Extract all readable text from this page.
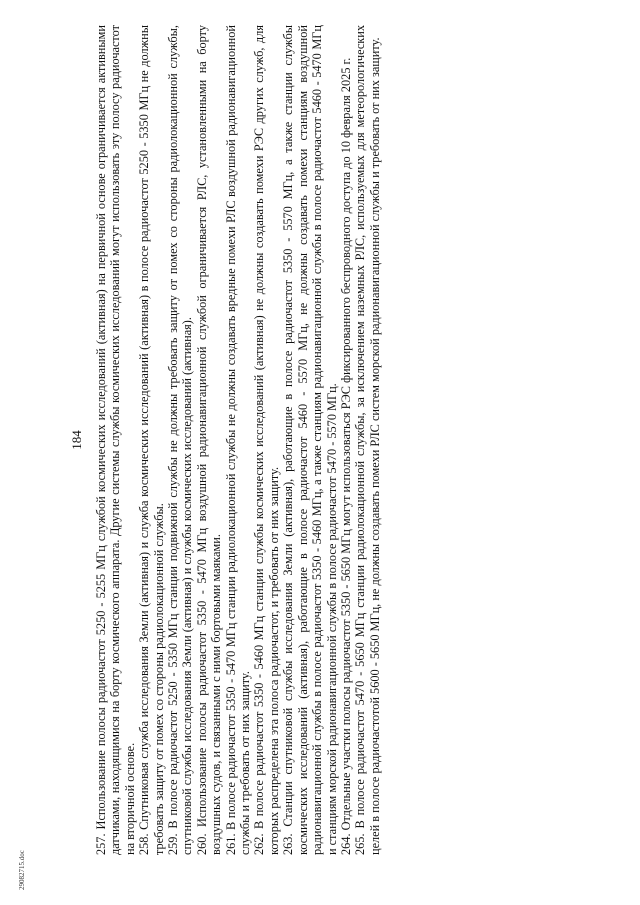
184 257. Использование полосы радиочастот 5250 - 5255 МГц службой космических исследований (активная) на первичной основе ограничивается активными датчиками, находящимися на борту космического аппарата. Другие системы службы космических исследований могут использовать эту полосу радиочастот на вторичной основе. 258. Спутниковая служба исследования Земли (активная) и служба космических исследований (активная) в полосе радиочастот 5250 - 5350 МГц не должны требовать защиту от помех со стороны радиолокационной службы. 259. В полосе радиочастот 5250 - 5350 МГц станции подвижной службы не должны требовать защиту от помех со стороны радиолокационной службы, спутниковой службы исследования Земли (активная) и службы космических исследований (активная). 260. Использование полосы радиочастот 5350 - 5470 МГц воздушной радионавигационной службой ограничивается РЛС, установленными на борту воздушных судов, и связанными с ними бортовыми маяками. 261. В полосе радиочастот 5350 - 5470 МГц станции радиолокационной службы не должны создавать вредные помехи РЛС воздушной радионавигационной службы и требовать от них защиту. 262. В полосе радиочастот 5350 - 5460 МГц станции службы космических исследований (активная) не должны создавать помехи РЭС других служб, для которых распределена эта полоса радиочастот, и требовать от них защиту. 263. Станции спутниковой службы исследования Земли (активная), работающие в полосе радиочастот 5350 - 5570 МГц, а также станции службы космических исследований (активная), работающие в полосе радиочастот 5460 - 5570 МГц, не должны создавать помехи станциям воздушной радионавигационной службы в полосе радиочастот 5350 - 5460 МГц, а также станциям радионавигационной службы в полосе радиочастот 5460 - 5470 МГц и станциям морской радионавигационной службы в полосе радиочастот 5470 - 5570 МГц. 264. Отдельные участки полосы радиочастот 5350 - 5650 МГц могут использоваться РЭС фиксированного беспроводного доступа до 10 февраля 2025 г. 265. В полосе радиочастот 5470 - 5650 МГц станции радиолокационной службы, за исключением наземных РЛС, используемых для метеорологических целей в полосе радиочастотой 5600 - 5650 МГц, не должны создавать помехи РЛС систем морской радионавигационной службы и требовать от них защиту.

29082715.doc
